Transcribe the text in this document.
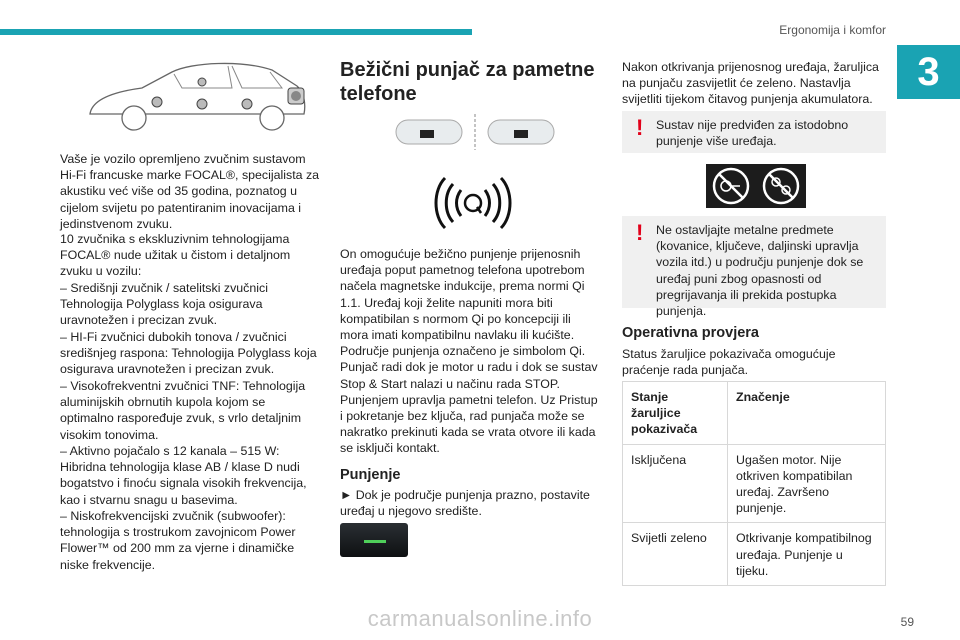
Ergonomija i komfor
3

Vaše je vozilo opremljeno zvučnim sustavom Hi-Fi francuske marke FOCAL®, specijalista za akustiku već više od 35 godina, poznatog u cijelom svijetu po patentiranim inovacijama i jedinstvenom zvuku.

10 zvučnika s ekskluzivnim tehnologijama FOCAL® nude užitak u čistom i detaljnom zvuku u vozilu:

– Središnji zvučnik / satelitski zvučnici Tehnologija Polyglass koja osigurava uravnotežen i precizan zvuk.

– HI-Fi zvučnici dubokih tonova / zvučnici središnjeg raspona: Tehnologija Polyglass koja osigurava uravnotežen i precizan zvuk.

– Visokofrekventni zvučnici TNF: Tehnologija aluminijskih obrnutih kupola kojom se optimalno raspoređuje zvuk, s vrlo detaljnim visokim tonovima.

– Aktivno pojačalo s 12 kanala – 515 W: Hibridna tehnologija klase AB / klase D nudi bogatstvo i finoću signala visokih frekvencija, kao i stvarnu snagu u basevima.

– Niskofrekvencijski zvučnik (subwoofer): tehnologija s trostrukom zavojnicom Power Flower™ od 200 mm za vjerne i dinamičke niske frekvencije.

Bežični punjač za pametne telefone

On omogućuje bežično punjenje prijenosnih uređaja poput pametnog telefona upotrebom načela magnetske indukcije, prema normi Qi 1.1. Uređaj koji želite napuniti mora biti kompatibilan s normom Qi po koncepciji ili mora imati kompatibilnu navlaku ili kućište. Područje punjenja označeno je simbolom Qi. Punjač radi dok je motor u radu i dok se sustav Stop & Start nalazi u načinu rada STOP. Punjenjem upravlja pametni telefon. Uz Pristup i pokretanje bez ključa, rad punjača može se nakratko prekinuti kada se vrata otvore ili kada se isključi kontakt.

Punjenje

► Dok je područje punjenja prazno, postavite uređaj u njegovo središte.

Nakon otkrivanja prijenosnog uređaja, žaruljica na punjaču zasvijetlit će zeleno. Nastavlja svijetliti tijekom čitavog punjenja akumulatora.

! Sustav nije predviđen za istodobno punjenje više uređaja.

! Ne ostavljajte metalne predmete (kovanice, ključeve, daljinski upravlja vozila itd.) u području punjenje dok se uređaj puni zbog opasnosti od pregrijavanja ili prekida postupka punjenja.

Operativna provjera

Status žaruljice pokazivača omogućuje praćenje rada punjača.

Stanje žaruljice pokazivača	Značenje
Isključena	Ugašen motor. Nije otkriven kompatibilan uređaj. Završeno punjenje.
Svijetli zeleno	Otkrivanje kompatibilnog uređaja. Punjenje u tijeku.
carmanualsonline.info	59
